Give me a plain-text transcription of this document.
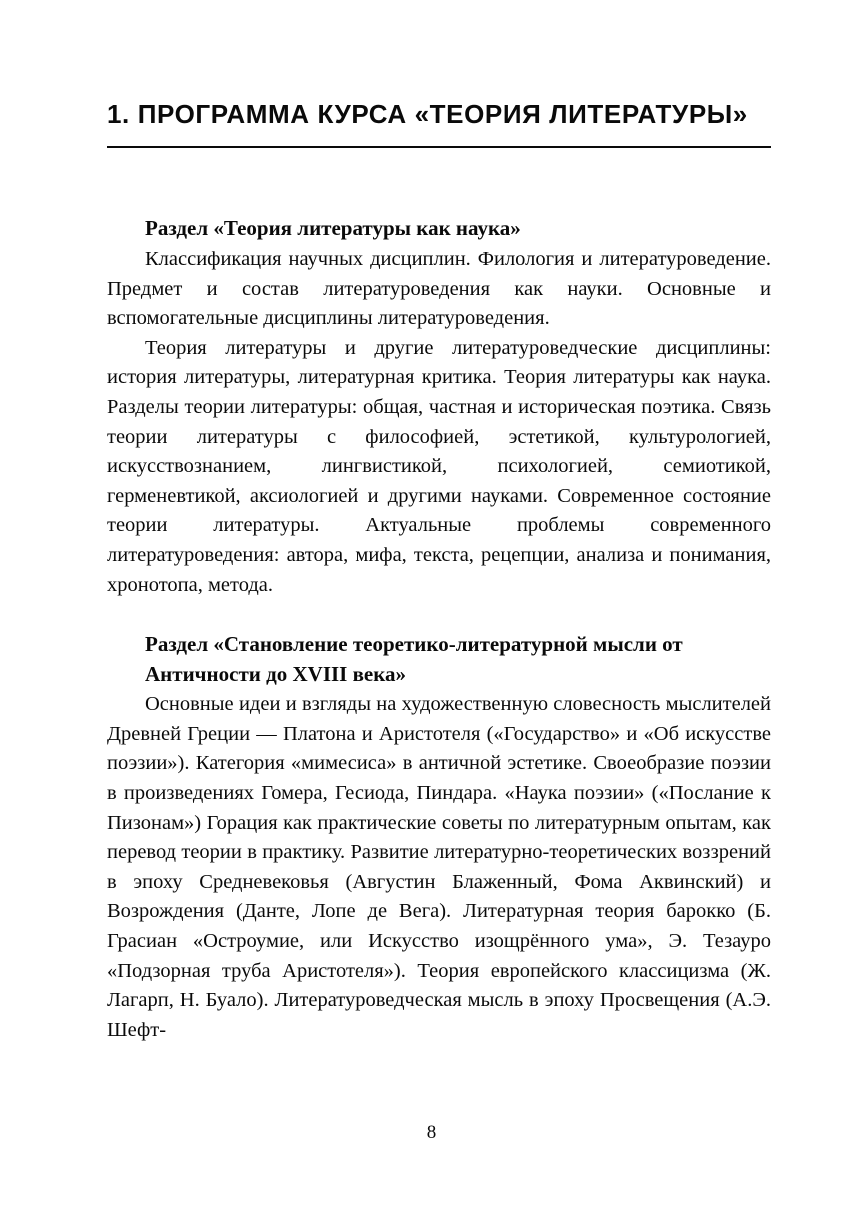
1. ПРОГРАММА КУРСА «ТЕОРИЯ ЛИТЕРАТУРЫ»
Раздел «Теория литературы как наука»

Классификация научных дисциплин. Филология и литературоведение. Предмет и состав литературоведения как науки. Основные и вспомогательные дисциплины литературоведения.

Теория литературы и другие литературоведческие дисциплины: история литературы, литературная критика. Теория литературы как наука. Разделы теории литературы: общая, частная и историческая поэтика. Связь теории литературы с философией, эстетикой, культурологией, искусствознанием, лингвистикой, психологией, семиотикой, герменевтикой, аксиологией и другими науками. Современное состояние теории литературы. Актуальные проблемы современного литературоведения: автора, мифа, текста, рецепции, анализа и понимания, хронотопа, метода.

Раздел «Становление теоретико-литературной мысли от Античности до XVIII века»

Основные идеи и взгляды на художественную словесность мыслителей Древней Греции — Платона и Аристотеля («Государство» и «Об искусстве поэзии»). Категория «мимесиса» в античной эстетике. Своеобразие поэзии в произведениях Гомера, Гесиода, Пиндара. «Наука поэзии» («Послание к Пизонам») Горация как практические советы по литературным опытам, как перевод теории в практику. Развитие литературно-теоретических воззрений в эпоху Средневековья (Августин Блаженный, Фома Аквинский) и Возрождения (Данте, Лопе де Вега). Литературная теория барокко (Б. Грасиан «Остроумие, или Искусство изощрённого ума», Э. Тезауро «Подзорная труба Аристотеля»). Теория европейского классицизма (Ж. Лагарп, Н. Буало). Литературоведческая мысль в эпоху Просвещения (А.Э. Шефт-

8
